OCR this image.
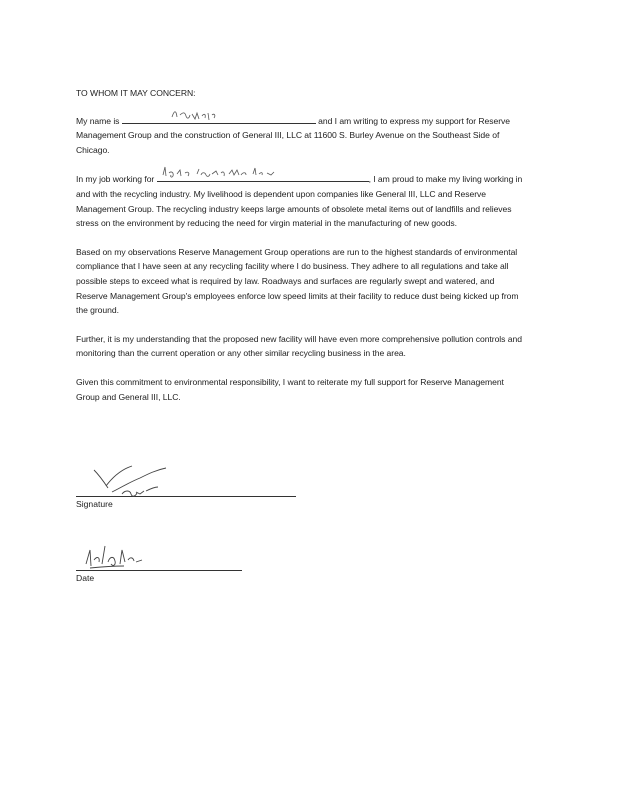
TO WHOM IT MAY CONCERN:

My name is	and I am writing to express my support for Reserve Management Group and the construction of General III, LLC at 11600 S. Burley Avenue on the Southeast Side of Chicago.

In my job working for	, I am proud to make my living working in and with the recycling industry. My livelihood is dependent upon companies like General III, LLC and Reserve Management Group. The recycling industry keeps large amounts of obsolete metal items out of landfills and relieves stress on the environment by reducing the need for virgin material in the manufacturing of new goods.

Based on my observations Reserve Management Group operations are run to the highest standards of environmental compliance that I have seen at any recycling facility where I do business. They adhere to all regulations and take all possible steps to exceed what is required by law. Roadways and surfaces are regularly swept and watered, and Reserve Management Group's employees enforce low speed limits at their facility to reduce dust being kicked up from the ground.

Further, it is my understanding that the proposed new facility will have even more comprehensive pollution controls and monitoring than the current operation or any other similar recycling business in the area.

Given this commitment to environmental responsibility, I want to reiterate my full support for Reserve Management Group and General III, LLC.

Signature
Date
